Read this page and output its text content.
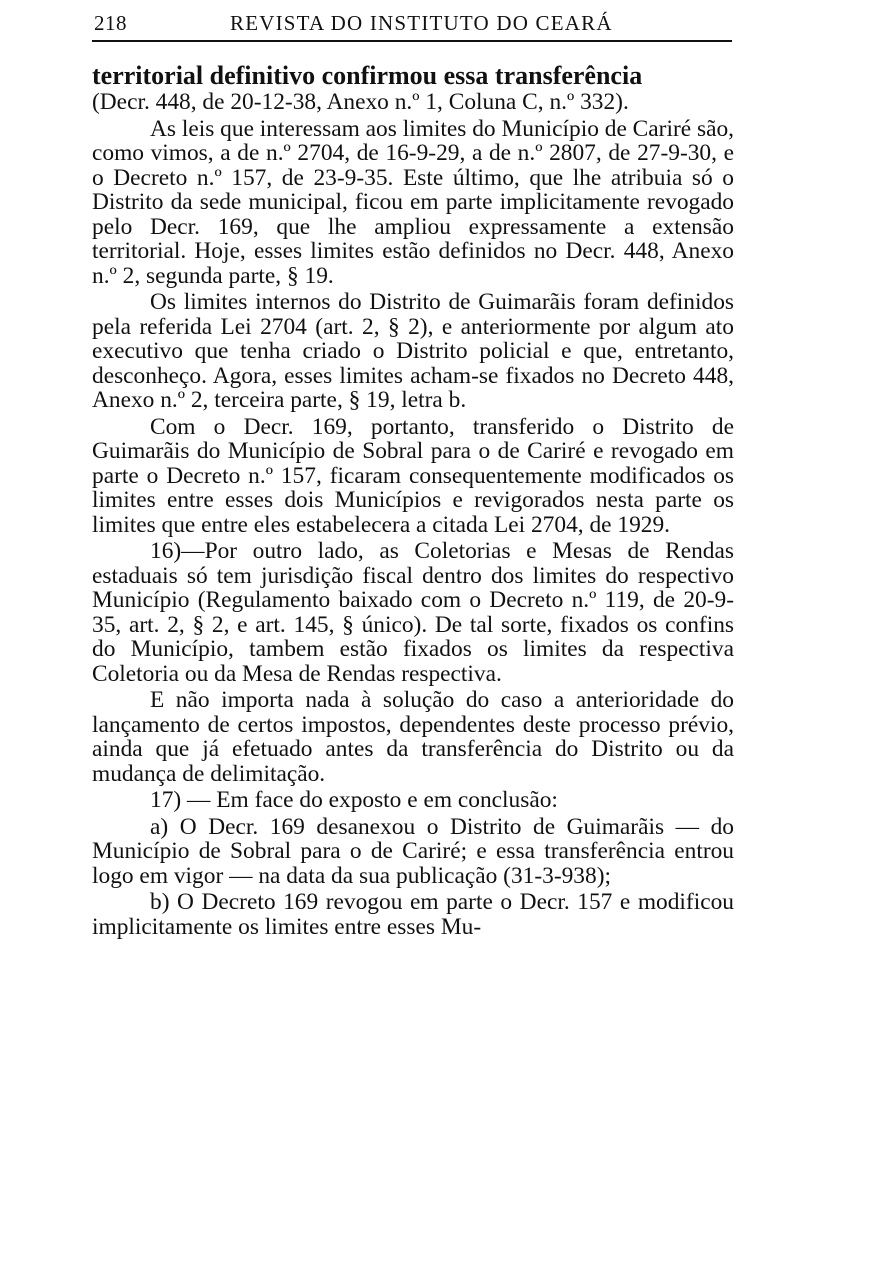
218	REVISTA DO INSTITUTO DO CEARÁ

territorial definitivo confirmou essa transferência

(Decr. 448, de 20-12-38, Anexo n.º 1, Coluna C, n.º 332).

As leis que interessam aos limites do Município de Cariré são, como vimos, a de n.º 2704, de 16-9-29, a de n.º 2807, de 27-9-30, e o Decreto n.º 157, de 23-9-35. Este último, que lhe atribuia só o Distrito da sede municipal, ficou em parte implicitamente revogado pelo Decr. 169, que lhe ampliou expressamente a extensão territorial. Hoje, esses limites estão definidos no Decr. 448, Anexo n.º 2, segunda parte, § 19.

Os limites internos do Distrito de Guimarãis foram definidos pela referida Lei 2704 (art. 2, § 2), e anteriormente por algum ato executivo que tenha criado o Distrito policial e que, entretanto, desconheço. Agora, esses limites acham-se fixados no Decreto 448, Anexo n.º 2, terceira parte, § 19, letra b.

Com o Decr. 169, portanto, transferido o Distrito de Guimarãis do Município de Sobral para o de Cariré e revogado em parte o Decreto n.º 157, ficaram consequentemente modificados os limites entre esses dois Municípios e revigorados nesta parte os limites que entre eles estabelecera a citada Lei 2704, de 1929.

16)—Por outro lado, as Coletorias e Mesas de Rendas estaduais só tem jurisdição fiscal dentro dos limites do respectivo Município (Regulamento baixado com o Decreto n.º 119, de 20-9-35, art. 2, § 2, e art. 145, § único). De tal sorte, fixados os confins do Município, tambem estão fixados os limites da respectiva Coletoria ou da Mesa de Rendas respectiva.

E não importa nada à solução do caso a anterioridade do lançamento de certos impostos, dependentes deste processo prévio, ainda que já efetuado antes da transferência do Distrito ou da mudança de delimitação.

17) — Em face do exposto e em conclusão:

a) O Decr. 169 desanexou o Distrito de Guimarãis — do Município de Sobral para o de Cariré; e essa transferência entrou logo em vigor — na data da sua publicação (31-3-938);

b) O Decreto 169 revogou em parte o Decr. 157 e modificou implicitamente os limites entre esses Mu-
